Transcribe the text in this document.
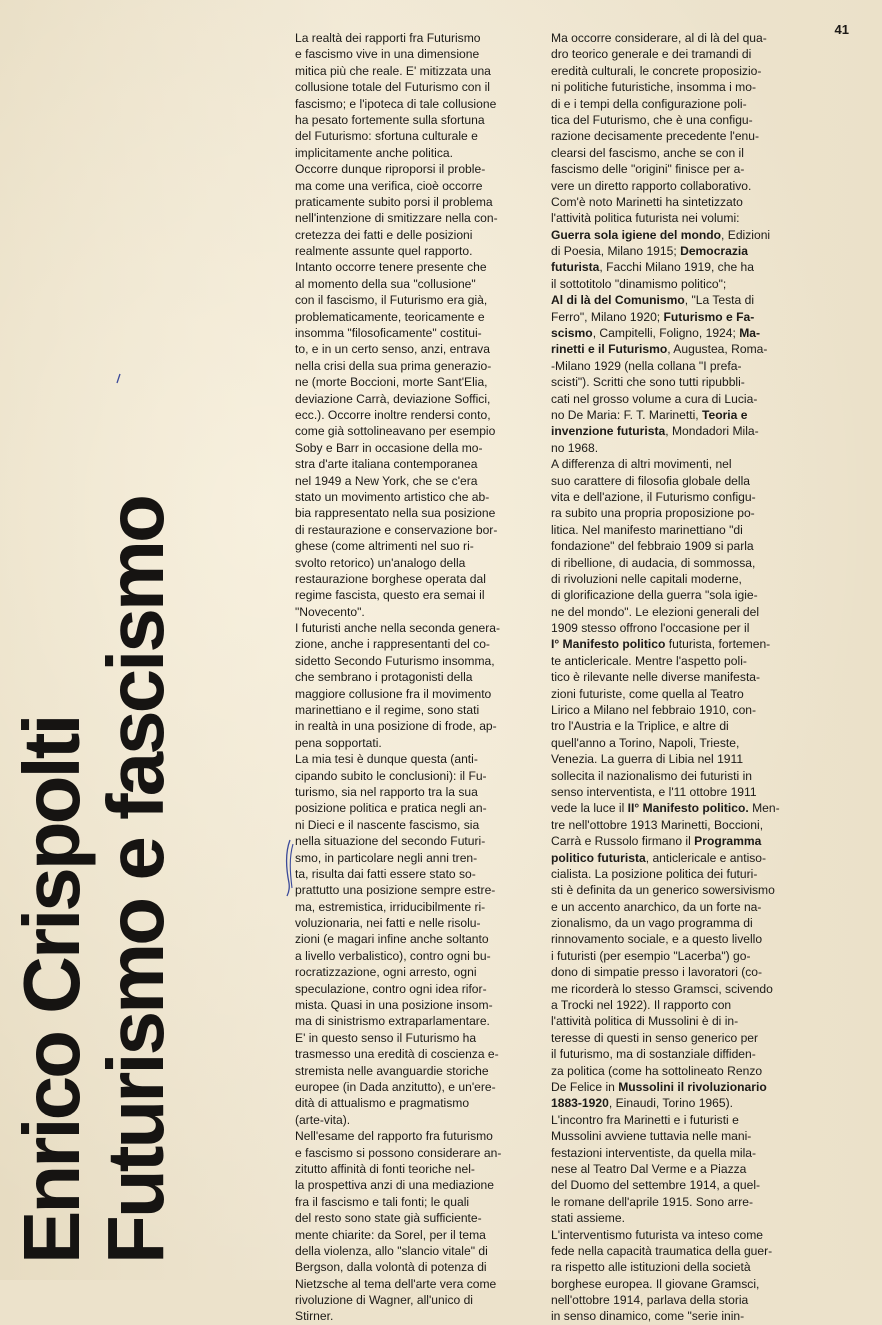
41
Enrico Crispolti
Futurismo e fascismo
La realtà dei rapporti fra Futurismo
e fascismo vive in una dimensione
mitica più che reale. E' mitizzata una
collusione totale del Futurismo con il
fascismo; e l'ipoteca di tale collusione
ha pesato fortemente sulla sfortuna
del Futurismo: sfortuna culturale e
implicitamente anche politica.
Occorre dunque riproporsi il proble-
ma come una verifica, cioè occorre
praticamente subito porsi il problema
nell'intenzione di smitizzare nella con-
cretezza dei fatti e delle posizioni
realmente assunte quel rapporto.
Intanto occorre tenere presente che
al momento della sua "collusione"
con il fascismo, il Futurismo era già,
problematicamente, teoricamente e
insomma "filosoficamente" costitui-
to, e in un certo senso, anzi, entrava
nella crisi della sua prima generazio-
ne (morte Boccioni, morte Sant'Elia,
deviazione Carrà, deviazione Soffici,
ecc.). Occorre inoltre rendersi conto,
come già sottolineavano per esempio
Soby e Barr in occasione della mo-
stra d'arte italiana contemporanea
nel 1949 a New York, che se c'era
stato un movimento artistico che ab-
bia rappresentato nella sua posizione
di restaurazione e conservazione bor-
ghese (come altrimenti nel suo ri-
svolto retorico) un'analogo della
restaurazione borghese operata dal
regime fascista, questo era semai il
"Novecento".
I futuristi anche nella seconda genera-
zione, anche i rappresentanti del co-
sidetto Secondo Futurismo insomma,
che sembrano i protagonisti della
maggiore collusione fra il movimento
marinettiano e il regime, sono stati
in realtà in una posizione di frode, ap-
pena sopportati.
La mia tesi è dunque questa (anti-
cipando subito le conclusioni): il Fu-
turismo, sia nel rapporto tra la sua
posizione politica e pratica negli an-
ni Dieci e il nascente fascismo, sia
nella situazione del secondo Futuri-
smo, in particolare negli anni tren-
ta, risulta dai fatti essere stato so-
prattutto una posizione sempre estre-
ma, estremistica, irriducibilmente ri-
voluzionaria, nei fatti e nelle risolu-
zioni (e magari infine anche soltanto
a livello verbalistico), contro ogni bu-
rocratizzazione, ogni arresto, ogni
speculazione, contro ogni idea rifor-
mista. Quasi in una posizione insom-
ma di sinistrismo extraparlamentare.
E' in questo senso il Futurismo ha
trasmesso una eredità di coscienza e-
stremista nelle avanguardie storiche
europee (in Dada anzitutto), e un'ere-
dità di attualismo e pragmatismo
(arte-vita).
Nell'esame del rapporto fra futurismo
e fascismo si possono considerare an-
zitutto affinità di fonti teoriche nel-
la prospettiva anzi di una mediazione
fra il fascismo e tali fonti; le quali
del resto sono state già sufficiente-
mente chiarite: da Sorel, per il tema
della violenza, allo "slancio vitale" di
Bergson, dalla volontà di potenza di
Nietzsche al tema dell'arte vera come
rivoluzione di Wagner, all'unico di
Stirner.
Ma occorre considerare, al di là del qua-
dro teorico generale e dei tramandi di
eredità culturali, le concrete proposizio-
ni politiche futuristiche, insomma i mo-
di e i tempi della configurazione poli-
tica del Futurismo, che è una configu-
razione decisamente precedente l'enu-
clearsi del fascismo, anche se con il
fascismo delle "origini" finisce per a-
vere un diretto rapporto collaborativo.
Com'è noto Marinetti ha sintetizzato
l'attività politica futurista nei volumi:
Guerra sola igiene del mondo, Edizioni
di Poesia, Milano 1915; Democrazia
futurista, Facchi Milano 1919, che ha
il sottotitolo "dinamismo politico";
Al di là del Comunismo, "La Testa di
Ferro", Milano 1920; Futurismo e Fa-
scismo, Campitelli, Foligno, 1924; Ma-
rinetti e il Futurismo, Augustea, Roma-
-Milano 1929 (nella collana "I prefa-
scisti"). Scritti che sono tutti ripubbli-
cati nel grosso volume a cura di Lucia-
no De Maria: F. T. Marinetti, Teoria e
invenzione futurista, Mondadori Mila-
no 1968.
A differenza di altri movimenti, nel
suo carattere di filosofia globale della
vita e dell'azione, il Futurismo configu-
ra subito una propria proposizione po-
litica. Nel manifesto marinettiano "di
fondazione" del febbraio 1909 si parla
di ribellione, di audacia, di sommossa,
di rivoluzioni nelle capitali moderne,
di glorificazione della guerra "sola igie-
ne del mondo". Le elezioni generali del
1909 stesso offrono l'occasione per il
I° Manifesto politico futurista, fortemen-
te anticlericale. Mentre l'aspetto poli-
tico è rilevante nelle diverse manifesta-
zioni futuriste, come quella al Teatro
Lirico a Milano nel febbraio 1910, con-
tro l'Austria e la Triplice, e altre di
quell'anno a Torino, Napoli, Trieste,
Venezia. La guerra di Libia nel 1911
sollecita il nazionalismo dei futuristi in
senso interventista, e l'11 ottobre 1911
vede la luce il II° Manifesto politico. Men-
tre nell'ottobre 1913 Marinetti, Boccioni,
Carrà e Russolo firmano il Programma
politico futurista, anticlericale e antiso-
cialista. La posizione politica dei futuri-
sti è definita da un generico sowersivismo
e un accento anarchico, da un forte na-
zionalismo, da un vago programma di
rinnovamento sociale, e a questo livello
i futuristi (per esempio "Lacerba") go-
dono di simpatie presso i lavoratori (co-
me ricorderà lo stesso Gramsci, scivendo
a Trocki nel 1922). Il rapporto con
l'attività politica di Mussolini è di in-
teresse di questi in senso generico per
il futurismo, ma di sostanziale diffiden-
za politica (come ha sottolineato Renzo
De Felice in Mussolini il rivoluzionario
1883-1920, Einaudi, Torino 1965).
L'incontro fra Marinetti e i futuristi e
Mussolini avviene tuttavia nelle mani-
festazioni interventiste, da quella mila-
nese al Teatro Dal Verme e a Piazza
del Duomo del settembre 1914, a quel-
le romane dell'aprile 1915. Sono arre-
stati assieme.
L'interventismo futurista va inteso come
fede nella capacità traumatica della guer-
ra rispetto alle istituzioni della società
borghese europea. Il giovane Gramsci,
nell'ottobre 1914, parlava della storia
in senso dinamico, come "serie inin-
